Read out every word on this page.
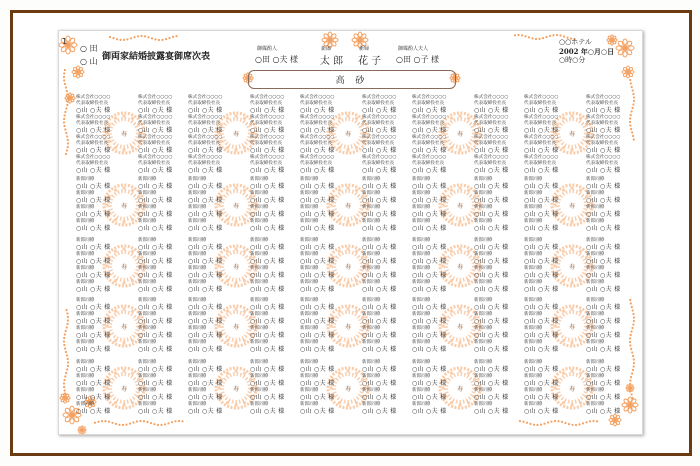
1
○ 田
○ 山 御両家結婚披露宴御席次表
御媒酌人
○田 ○夫 様
新郎
太 郎
新婦
花 子
御媒酌人夫人
○田 ○子 様
高 砂
○○ホテル
2002 年○月○日
○時○分
寿
株式会社○○○○
代表取締役社長
○山 ○夫 様
株式会社○○○○
代表取締役社長
○山 ○夫 様
株式会社○○○○
代表取締役社長
○山 ○夫 様
株式会社○○○○
代表取締役社長
○山 ○夫 様
株式会社○○○○
代表取締役社長
○山 ○夫 様
株式会社○○○○
代表取締役社長
○山 ○夫 様
株式会社○○○○
代表取締役社長
○山 ○夫 様
株式会社○○○○
代表取締役社長
○山 ○夫 様
寿
株式会社○○○○
代表取締役社長
○山 ○夫 様
株式会社○○○○
代表取締役社長
○山 ○夫 様
株式会社○○○○
代表取締役社長
○山 ○夫 様
株式会社○○○○
代表取締役社長
○山 ○夫 様
株式会社○○○○
代表取締役社長
○山 ○夫 様
株式会社○○○○
代表取締役社長
○山 ○夫 様
株式会社○○○○
代表取締役社長
○山 ○夫 様
株式会社○○○○
代表取締役社長
○山 ○夫 様
寿
株式会社○○○○
代表取締役社長
○山 ○夫 様
株式会社○○○○
代表取締役社長
○山 ○夫 様
株式会社○○○○
代表取締役社長
○山 ○夫 様
株式会社○○○○
代表取締役社長
○山 ○夫 様
株式会社○○○○
代表取締役社長
○山 ○夫 様
株式会社○○○○
代表取締役社長
○山 ○夫 様
株式会社○○○○
代表取締役社長
○山 ○夫 様
株式会社○○○○
代表取締役社長
○山 ○夫 様
寿
株式会社○○○○
代表取締役社長
○山 ○夫 様
株式会社○○○○
代表取締役社長
○山 ○夫 様
株式会社○○○○
代表取締役社長
○山 ○夫 様
株式会社○○○○
代表取締役社長
○山 ○夫 様
株式会社○○○○
代表取締役社長
○山 ○夫 様
株式会社○○○○
代表取締役社長
○山 ○夫 様
株式会社○○○○
代表取締役社長
○山 ○夫 様
株式会社○○○○
代表取締役社長
○山 ○夫 様
寿
株式会社○○○○
代表取締役社長
○山 ○夫 様
株式会社○○○○
代表取締役社長
○山 ○夫 様
株式会社○○○○
代表取締役社長
○山 ○夫 様
株式会社○○○○
代表取締役社長
○山 ○夫 様
株式会社○○○○
代表取締役社長
○山 ○夫 様
株式会社○○○○
代表取締役社長
○山 ○夫 様
株式会社○○○○
代表取締役社長
○山 ○夫 様
株式会社○○○○
代表取締役社長
○山 ○夫 様
寿
新郎同僚
○山 ○夫 様
新郎同僚
○山 ○夫 様
新郎同僚
○山 ○夫 様
新郎同僚
○山 ○夫 様
新郎同僚
○山 ○夫 様
新郎同僚
○山 ○夫 様
新郎同僚
○山 ○夫 様
新郎同僚
○山 ○夫 様
寿
新郎同僚
○山 ○夫 様
新郎同僚
○山 ○夫 様
新郎同僚
○山 ○夫 様
新郎同僚
○山 ○夫 様
新郎同僚
○山 ○夫 様
新郎同僚
○山 ○夫 様
新郎同僚
○山 ○夫 様
新郎同僚
○山 ○夫 様
寿
新郎同僚
○山 ○夫 様
新郎同僚
○山 ○夫 様
新郎同僚
○山 ○夫 様
新郎同僚
○山 ○夫 様
新郎同僚
○山 ○夫 様
新郎同僚
○山 ○夫 様
新郎同僚
○山 ○夫 様
新郎同僚
○山 ○夫 様
寿
新郎同僚
○山 ○夫 様
新郎同僚
○山 ○夫 様
新郎同僚
○山 ○夫 様
新郎同僚
○山 ○夫 様
新郎同僚
○山 ○夫 様
新郎同僚
○山 ○夫 様
新郎同僚
○山 ○夫 様
新郎同僚
○山 ○夫 様
寿
新郎同僚
○山 ○夫 様
新郎同僚
○山 ○夫 様
新郎同僚
○山 ○夫 様
新郎同僚
○山 ○夫 様
新郎同僚
○山 ○夫 様
新郎同僚
○山 ○夫 様
新郎同僚
○山 ○夫 様
新郎同僚
○山 ○夫 様
寿
新郎同僚
○山 ○夫 様
新郎同僚
○山 ○夫 様
新郎同僚
○山 ○夫 様
新郎同僚
○山 ○夫 様
新郎同僚
○山 ○夫 様
新郎同僚
○山 ○夫 様
新郎同僚
○山 ○夫 様
新郎同僚
○山 ○夫 様
寿
新郎同僚
○山 ○夫 様
新郎同僚
○山 ○夫 様
新郎同僚
○山 ○夫 様
新郎同僚
○山 ○夫 様
新郎同僚
○山 ○夫 様
新郎同僚
○山 ○夫 様
新郎同僚
○山 ○夫 様
新郎同僚
○山 ○夫 様
寿
新郎同僚
○山 ○夫 様
新郎同僚
○山 ○夫 様
新郎同僚
○山 ○夫 様
新郎同僚
○山 ○夫 様
新郎同僚
○山 ○夫 様
新郎同僚
○山 ○夫 様
新郎同僚
○山 ○夫 様
新郎同僚
○山 ○夫 様
寿
新郎同僚
○山 ○夫 様
新郎同僚
○山 ○夫 様
新郎同僚
○山 ○夫 様
新郎同僚
○山 ○夫 様
新郎同僚
○山 ○夫 様
新郎同僚
○山 ○夫 様
新郎同僚
○山 ○夫 様
新郎同僚
○山 ○夫 様
寿
新郎同僚
○山 ○夫 様
新郎同僚
○山 ○夫 様
新郎同僚
○山 ○夫 様
新郎同僚
○山 ○夫 様
新郎同僚
○山 ○夫 様
新郎同僚
○山 ○夫 様
新郎同僚
○山 ○夫 様
新郎同僚
○山 ○夫 様
寿
新郎同僚
○山 ○夫 様
新郎同僚
○山 ○夫 様
新郎同僚
○山 ○夫 様
新郎同僚
○山 ○夫 様
新郎同僚
○山 ○夫 様
新郎同僚
○山 ○夫 様
新郎同僚
○山 ○夫 様
新郎同僚
○山 ○夫 様
寿
新郎同僚
○山 ○夫 様
新郎同僚
○山 ○夫 様
新郎同僚
○山 ○夫 様
新郎同僚
○山 ○夫 様
新郎同僚
○山 ○夫 様
新郎同僚
○山 ○夫 様
新郎同僚
○山 ○夫 様
新郎同僚
○山 ○夫 様
寿
新郎同僚
○山 ○夫 様
新郎同僚
○山 ○夫 様
新郎同僚
○山 ○夫 様
新郎同僚
○山 ○夫 様
新郎同僚
○山 ○夫 様
新郎同僚
○山 ○夫 様
新郎同僚
○山 ○夫 様
新郎同僚
○山 ○夫 様
寿
新郎同僚
○山 ○夫 様
新郎同僚
○山 ○夫 様
新郎同僚
○山 ○夫 様
新郎同僚
○山 ○夫 様
新郎同僚
○山 ○夫 様
新郎同僚
○山 ○夫 様
新郎同僚
○山 ○夫 様
新郎同僚
○山 ○夫 様
寿
新郎同僚
○山 ○夫 様
新郎同僚
○山 ○夫 様
新郎同僚
○山 ○夫 様
新郎同僚
○山 ○夫 様
新郎同僚
○山 ○夫 様
新郎同僚
○山 ○夫 様
新郎同僚
○山 ○夫 様
新郎同僚
○山 ○夫 様
寿
新郎同僚
○山 ○夫 様
新郎同僚
○山 ○夫 様
新郎同僚
○山 ○夫 様
新郎同僚
○山 ○夫 様
新郎同僚
○山 ○夫 様
新郎同僚
○山 ○夫 様
新郎同僚
○山 ○夫 様
新郎同僚
○山 ○夫 様
寿
新郎同僚
○山 ○夫 様
新郎同僚
○山 ○夫 様
新郎同僚
○山 ○夫 様
新郎同僚
○山 ○夫 様
新郎同僚
○山 ○夫 様
新郎同僚
○山 ○夫 様
新郎同僚
○山 ○夫 様
新郎同僚
○山 ○夫 様
寿
新郎同僚
○山 ○夫 様
新郎同僚
○山 ○夫 様
新郎同僚
○山 ○夫 様
新郎同僚
○山 ○夫 様
新郎同僚
○山 ○夫 様
新郎同僚
○山 ○夫 様
新郎同僚
○山 ○夫 様
新郎同僚
○山 ○夫 様
寿
新郎同僚
○山 ○夫 様
新郎同僚
○山 ○夫 様
新郎同僚
○山 ○夫 様
新郎同僚
○山 ○夫 様
新郎同僚
○山 ○夫 様
新郎同僚
○山 ○夫 様
新郎同僚
○山 ○夫 様
新郎同僚
○山 ○夫 様
寿
新郎同僚
○山 ○夫 様
新郎同僚
○山 ○夫 様
新郎同僚
○山 ○夫 様
新郎同僚
○山 ○夫 様
新郎同僚
○山 ○夫 様
新郎同僚
○山 ○夫 様
新郎同僚
○山 ○夫 様
新郎同僚
○山 ○夫 様
